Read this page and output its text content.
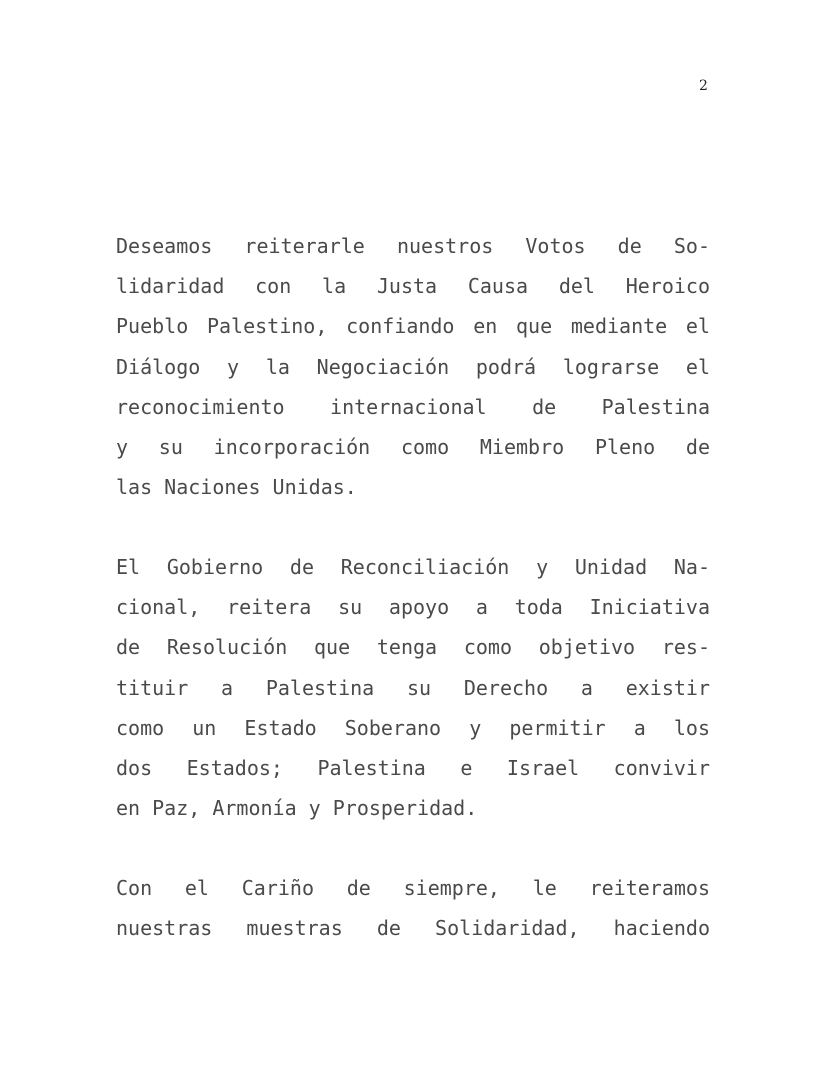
2
Deseamos reiterarle nuestros Votos de So-
lidaridad con la Justa Causa del Heroico
Pueblo Palestino, confiando en que mediante el
Diálogo y la Negociación podrá lograrse el
reconocimiento internacional de Palestina
y su incorporación como Miembro Pleno de
las Naciones Unidas.
El Gobierno de Reconciliación y Unidad Na-
cional, reitera su apoyo a toda Iniciativa
de Resolución que tenga como objetivo res-
tituir a Palestina su Derecho a existir
como un Estado Soberano y permitir a los
dos Estados; Palestina e Israel convivir
en Paz, Armonía y Prosperidad.
Con el Cariño de siempre, le reiteramos
nuestras muestras de Solidaridad, haciendo
